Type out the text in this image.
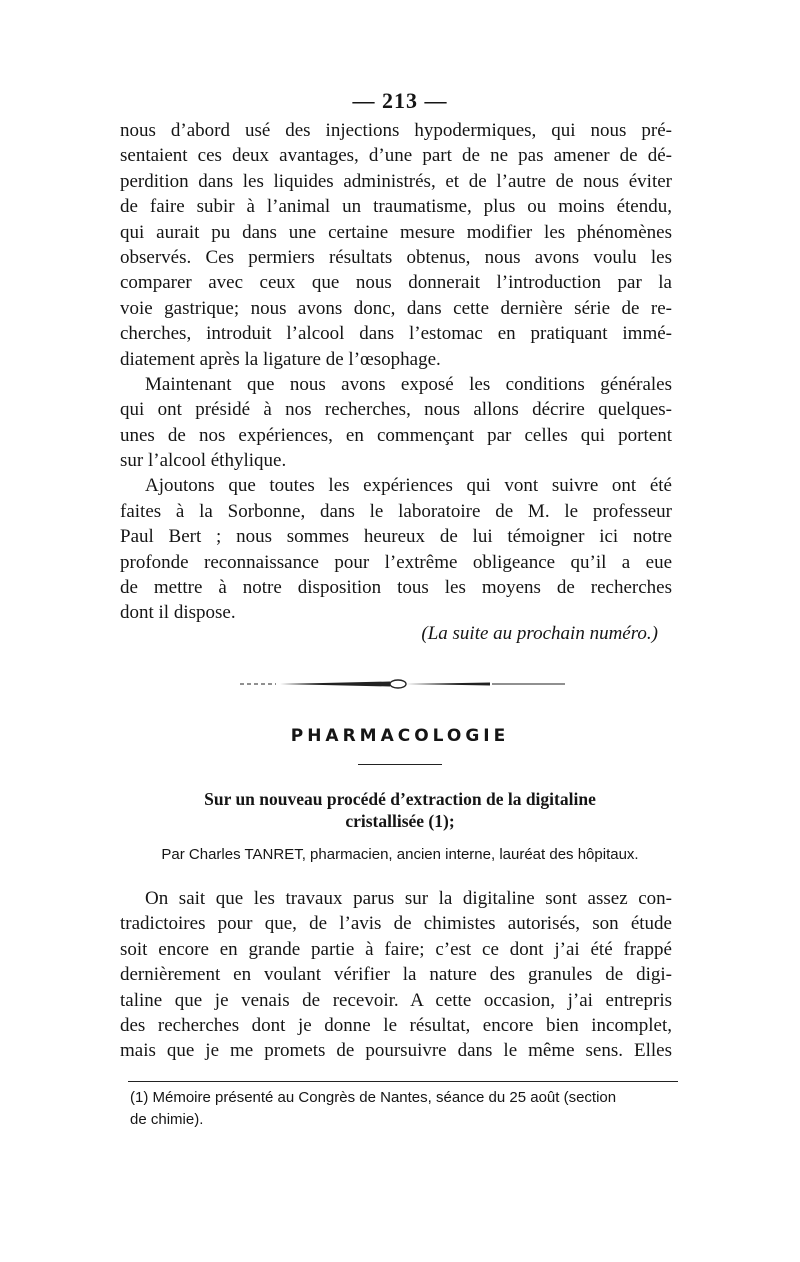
— 213 —
nous d’abord usé des injections hypodermiques, qui nous pré-
sentaient ces deux avantages, d’une part de ne pas amener de dé-
perdition dans les liquides administrés, et de l’autre de nous éviter
de faire subir à l’animal un traumatisme, plus ou moins étendu,
qui aurait pu dans une certaine mesure modifier les phénomènes
observés. Ces permiers résultats obtenus, nous avons voulu les
comparer avec ceux que nous donnerait l’introduction par la
voie gastrique; nous avons donc, dans cette dernière série de re-
cherches, introduit l’alcool dans l’estomac en pratiquant immé-
diatement après la ligature de l’œsophage.
Maintenant que nous avons exposé les conditions générales
qui ont présidé à nos recherches, nous allons décrire quelques-
unes de nos expériences, en commençant par celles qui portent
sur l’alcool éthylique.
Ajoutons que toutes les expériences qui vont suivre ont été
faites à la Sorbonne, dans le laboratoire de M. le professeur
Paul Bert ; nous sommes heureux de lui témoigner ici notre
profonde reconnaissance pour l’extrême obligeance qu’il a eue
de mettre à notre disposition tous les moyens de recherches
dont il dispose.
(La suite au prochain numéro.)
PHARMACOLOGIE
Sur un nouveau procédé d’extraction de la digitaline
cristallisée (1);
Par Charles TANRET, pharmacien, ancien interne, lauréat des hôpitaux.
On sait que les travaux parus sur la digitaline sont assez con-
tradictoires pour que, de l’avis de chimistes autorisés, son étude
soit encore en grande partie à faire; c’est ce dont j’ai été frappé
dernièrement en voulant vérifier la nature des granules de digi-
taline que je venais de recevoir. A cette occasion, j’ai entrepris
des recherches dont je donne le résultat, encore bien incomplet,
mais que je me promets de poursuivre dans le même sens. Elles
(1) Mémoire présenté au Congrès de Nantes, séance du 25 août (section
de chimie).
